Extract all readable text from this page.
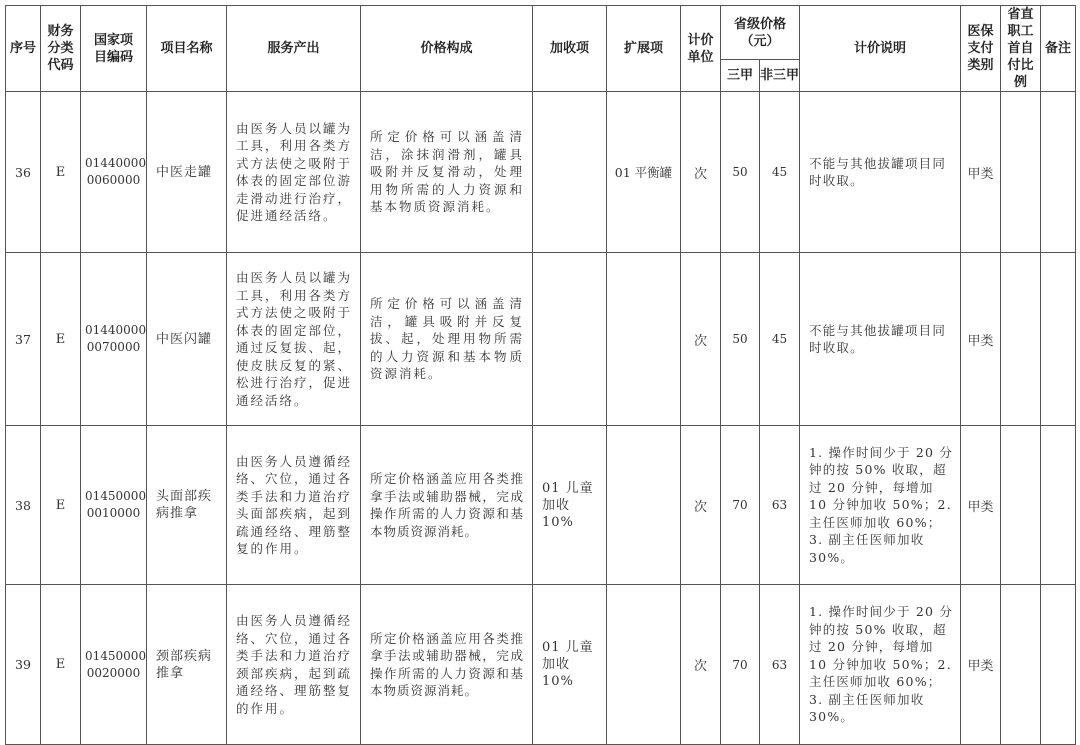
序号	财务分类代码	国家项目编码	项目名称	服务产出	价格构成	加收项	扩展项	计价单位	省级价格（元）		计价说明	医保支付类别	省直职工首自付比例	备注
									三甲	非三甲				
36	E	01440000 0060000	中医走罐	由医务人员以罐为工具，利用各类方式方法使之吸附于体表的固定部位游走滑动进行治疗，促进通经活络。	所定价格可以涵盖清洁，涂抹润滑剂，罐具吸附并反复滑动，处理用物所需的人力资源和基本物质资源消耗。		01 平衡罐	次	50	45	不能与其他拔罐项目同时收取。	甲类		
37	E	01440000 0070000	中医闪罐	由医务人员以罐为工具，利用各类方式方法使之吸附于体表的固定部位，通过反复拔、起，使皮肤反复的紧、松进行治疗，促进通经活络。	所定价格可以涵盖清洁，罐具吸附并反复拔、起，处理用物所需的人力资源和基本物质资源消耗。			次	50	45	不能与其他拔罐项目同时收取。	甲类		
38	E	01450000 0010000	头面部疾病推拿	由医务人员遵循经络、穴位，通过各类手法和力道治疗头面部疾病，起到疏通经络、理筋整复的作用。	所定价格涵盖应用各类推拿手法或辅助器械，完成操作所需的人力资源和基本物质资源消耗。	01 儿童加收 10%		次	70	63	1. 操作时间少于 20 分钟的按 50% 收取，超过 20 分钟，每增加 10 分钟加收 50%；2. 主任医师加收 60%；3. 副主任医师加收 30%。	甲类		
39	E	01450000 0020000	颈部疾病推拿	由医务人员遵循经络、穴位，通过各类手法和力道治疗颈部疾病，起到疏通经络、理筋整复的作用。	所定价格涵盖应用各类推拿手法或辅助器械，完成操作所需的人力资源和基本物质资源消耗。	01 儿童加收 10%		次	70	63	1. 操作时间少于 20 分钟的按 50% 收取，超过 20 分钟，每增加 10 分钟加收 50%；2. 主任医师加收 60%；3. 副主任医师加收 30%。	甲类		
